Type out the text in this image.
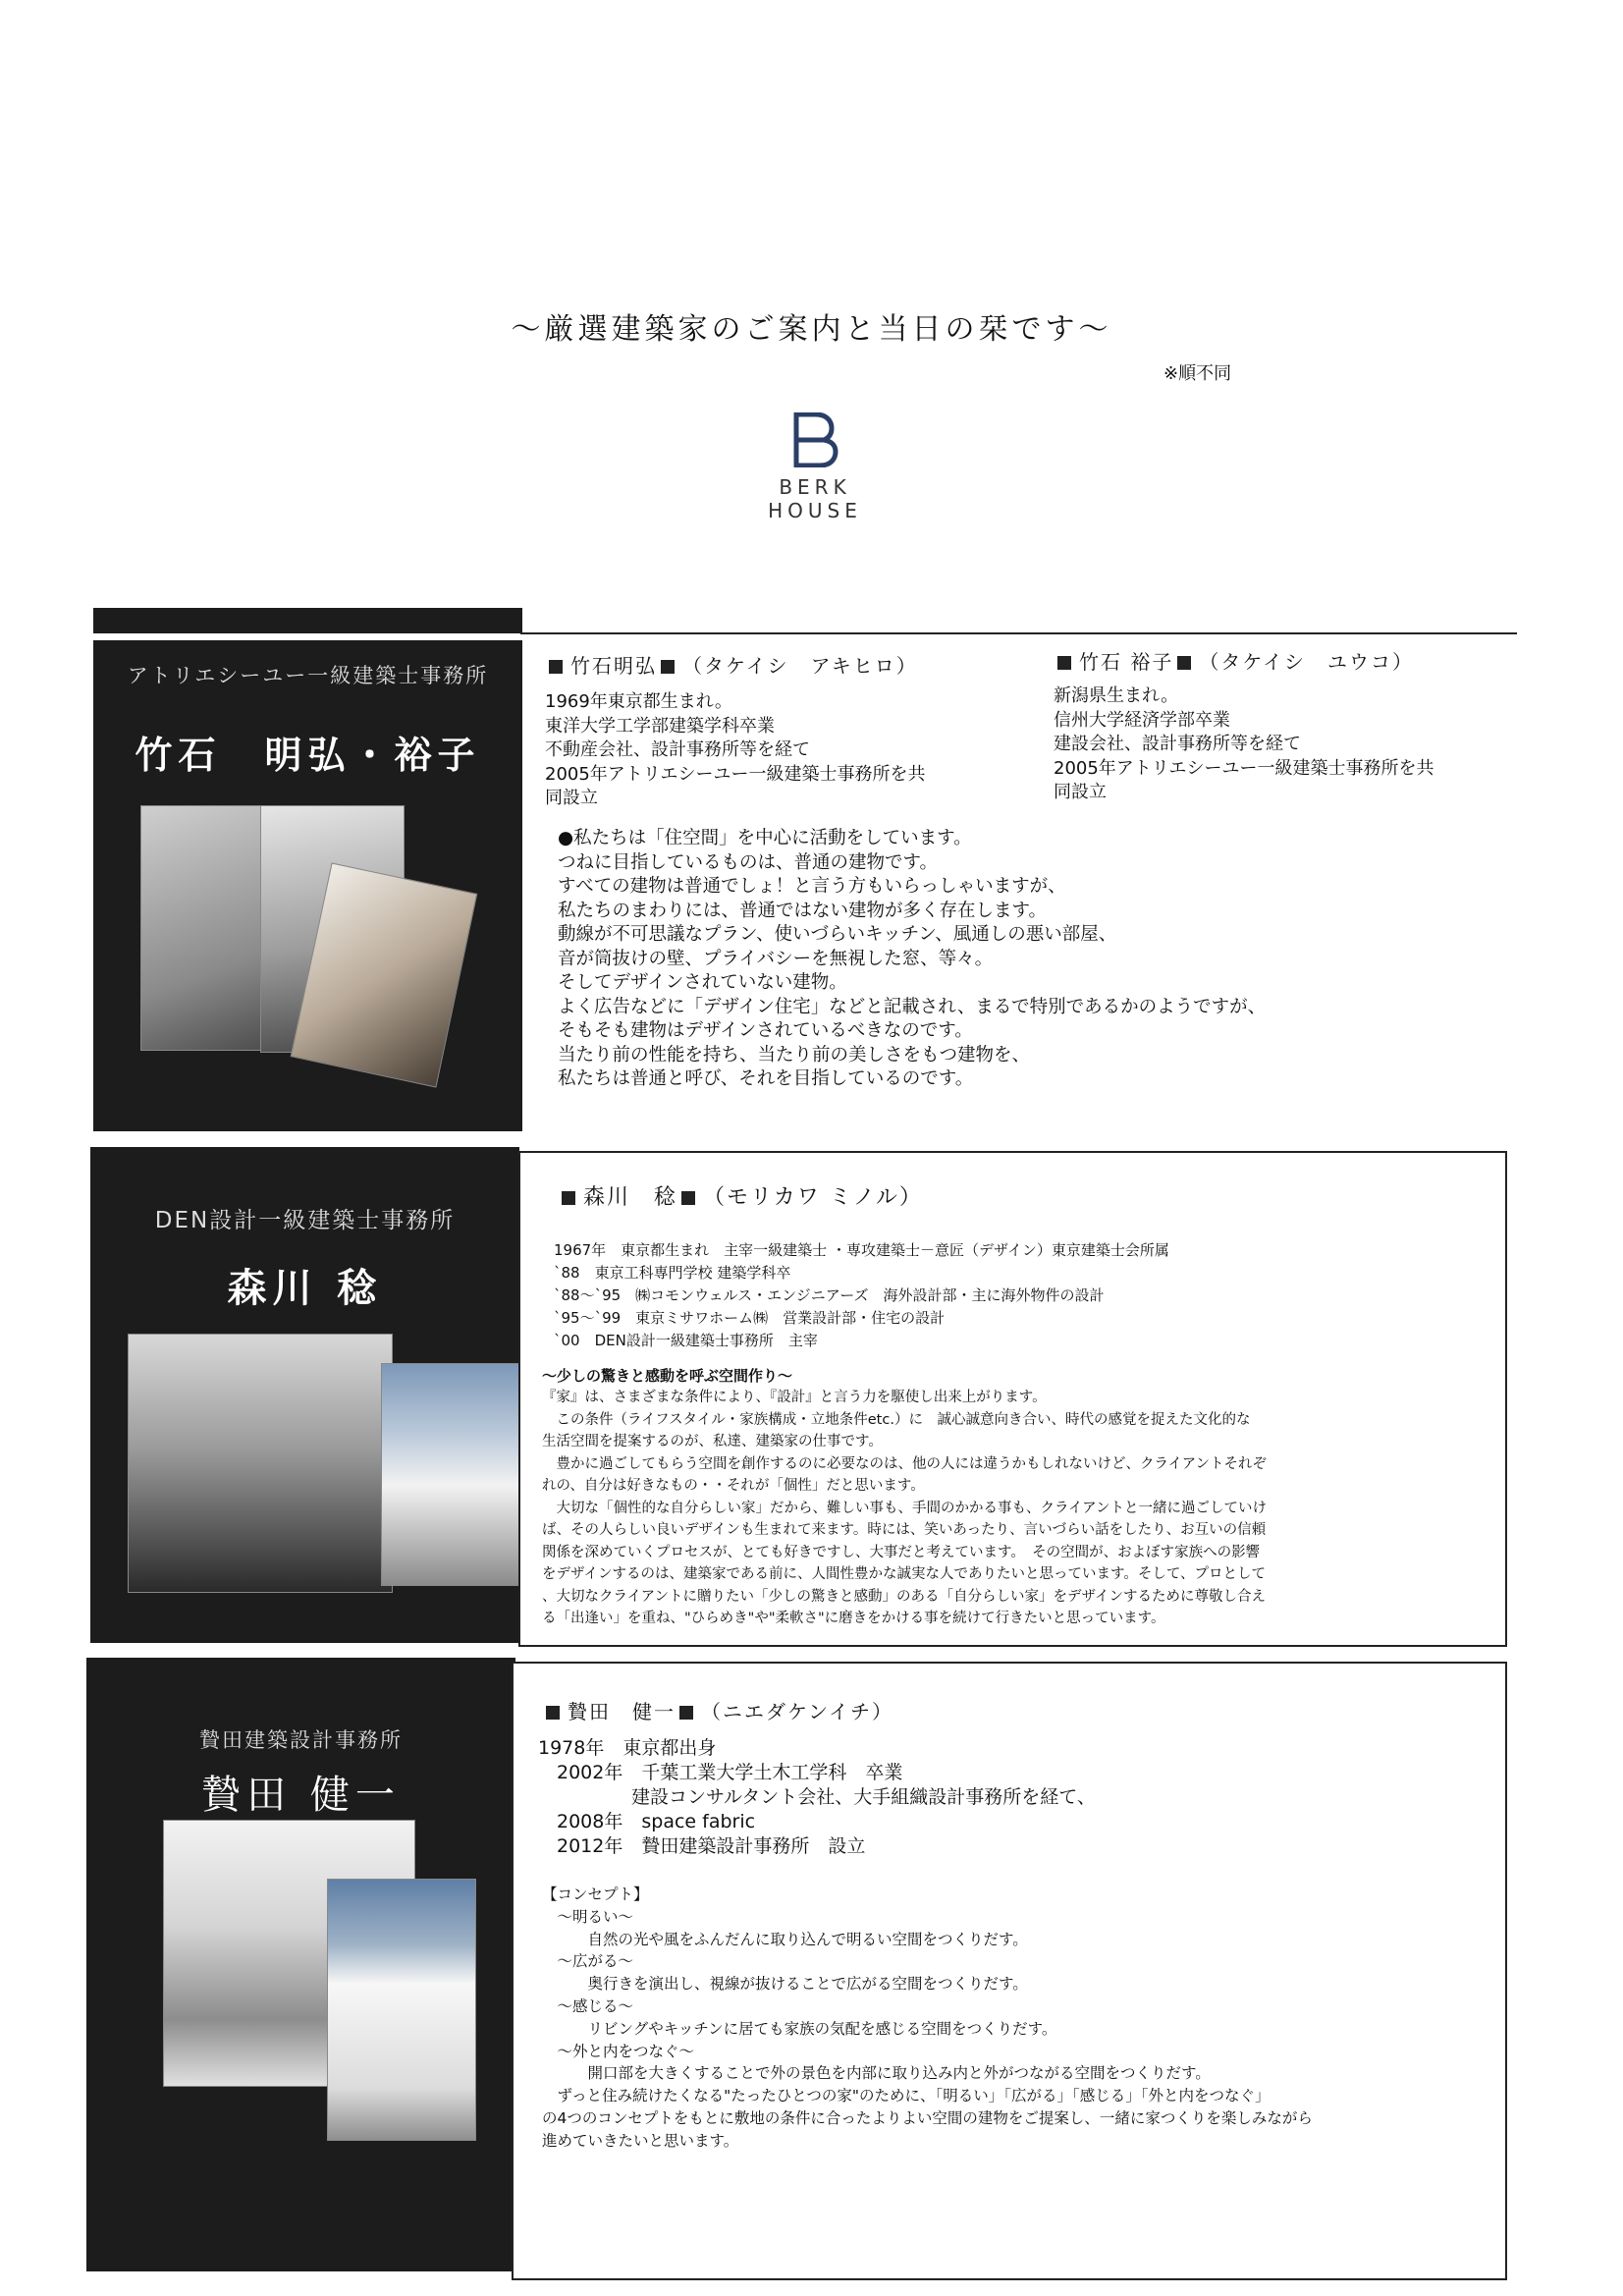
～厳選建築家のご案内と当日の栞です～
※順不同
BERK HOUSE
アトリエシーユー一級建築士事務所
竹石　明弘・裕子
竹石明弘 （タケイシ　アキヒロ）
1969年東京都生まれ。
東洋大学工学部建築学科卒業
不動産会社、設計事務所等を経て
2005年アトリエシーユー一級建築士事務所を共
同設立
竹石 裕子 （タケイシ　ユウコ）
新潟県生まれ。
信州大学経済学部卒業
建設会社、設計事務所等を経て
2005年アトリエシーユー一級建築士事務所を共
同設立
●私たちは「住空間」を中心に活動をしています。
つねに目指しているものは、普通の建物です。
すべての建物は普通でしょ！と言う方もいらっしゃいますが、
私たちのまわりには、普通ではない建物が多く存在します。
動線が不可思議なプラン、使いづらいキッチン、風通しの悪い部屋、
音が筒抜けの壁、プライバシーを無視した窓、等々。
そしてデザインされていない建物。
よく広告などに「デザイン住宅」などと記載され、まるで特別であるかのようですが、
そもそも建物はデザインされているべきなのです。
当たり前の性能を持ち、当たり前の美しさをもつ建物を、
私たちは普通と呼び、それを目指しているのです。
DEN設計一級建築士事務所
森川 稔
森川　稔 （モリカワ ミノル）
1967年　東京都生まれ　主宰一級建築士 ・専攻建築士－意匠（デザイン）東京建築士会所属
`88　東京工科専門学校 建築学科卒
`88～`95　㈱コモンウェルス・エンジニアーズ　海外設計部・主に海外物件の設計
`95～`99　東京ミサワホーム㈱　営業設計部・住宅の設計
`00　DEN設計一級建築士事務所　主宰
～少しの驚きと感動を呼ぶ空間作り～
『家』は、さまざまな条件により、『設計』と言う力を駆使し出来上がります。
　この条件（ライフスタイル・家族構成・立地条件etc.）に　誠心誠意向き合い、時代の感覚を捉えた文化的な
生活空間を提案するのが、私達、建築家の仕事です。
　豊かに過ごしてもらう空間を創作するのに必要なのは、他の人には違うかもしれないけど、クライアントそれぞ
れの、自分は好きなもの・・それが「個性」だと思います。
　大切な「個性的な自分らしい家」だから、難しい事も、手間のかかる事も、クライアントと一緒に過ごしていけ
ば、その人らしい良いデザインも生まれて来ます。時には、笑いあったり、言いづらい話をしたり、お互いの信頼
関係を深めていくプロセスが、とても好きですし、大事だと考えています。　その空間が、およぼす家族への影響
をデザインするのは、建築家である前に、人間性豊かな誠実な人でありたいと思っています。そして、プロとして
、大切なクライアントに贈りたい「少しの驚きと感動」のある「自分らしい家」をデザインするために尊敬し合え
る「出逢い」を重ね、"ひらめき"や"柔軟さ"に磨きをかける事を続けて行きたいと思っています。
贄田建築設計事務所
贄田 健一
贄田　健一 （ニエダケンイチ）
1978年　東京都出身
　2002年　千葉工業大学土木工学科　卒業
　　　　　建設コンサルタント会社、大手組織設計事務所を経て、
　2008年　space fabric
　2012年　贄田建築設計事務所　設立
【コンセプト】
　～明るい～
　　　自然の光や風をふんだんに取り込んで明るい空間をつくりだす。
　～広がる～
　　　奥行きを演出し、視線が抜けることで広がる空間をつくりだす。
　～感じる～
　　　リビングやキッチンに居ても家族の気配を感じる空間をつくりだす。
　～外と内をつなぐ～
　　　開口部を大きくすることで外の景色を内部に取り込み内と外がつながる空間をつくりだす。
　ずっと住み続けたくなる"たったひとつの家"のために、「明るい」「広がる」「感じる」「外と内をつなぐ」
の4つのコンセプトをもとに敷地の条件に合ったよりよい空間の建物をご提案し、一緒に家つくりを楽しみながら
進めていきたいと思います。
